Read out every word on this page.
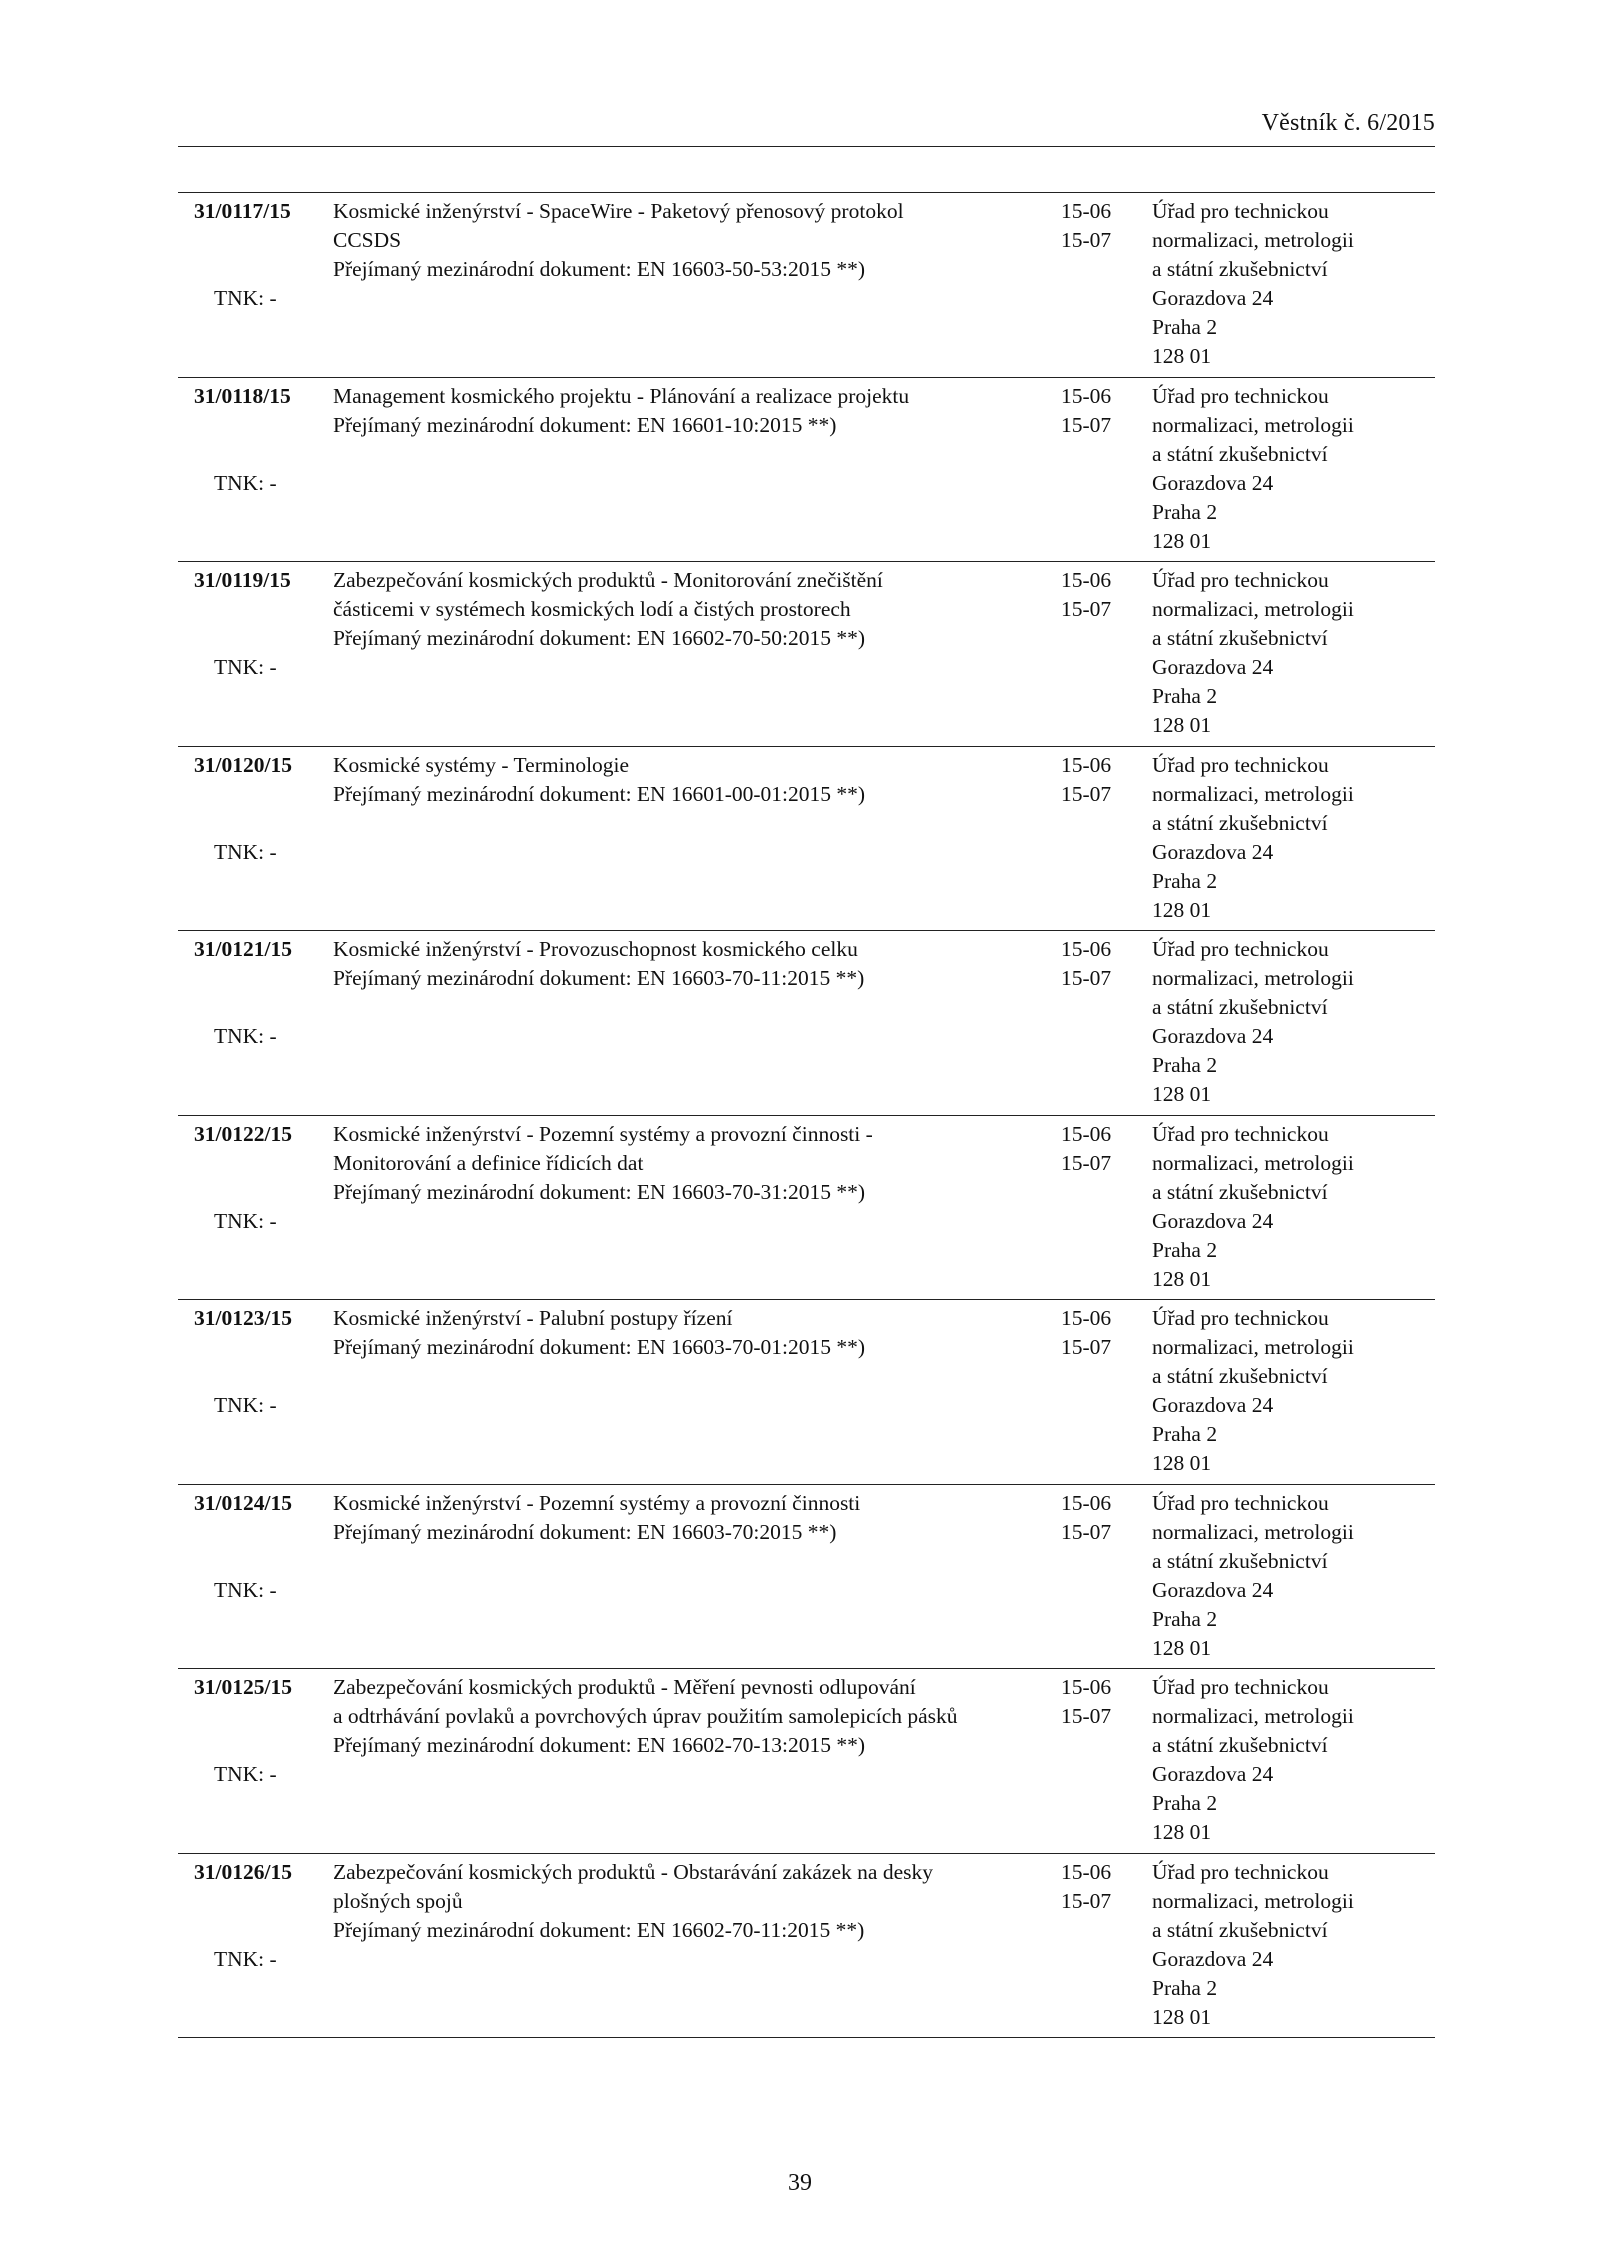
Věstník č. 6/2015
31/0117/15
TNK: -
Kosmické inženýrství - SpaceWire - Paketový přenosový protokol
CCSDS
Přejímaný mezinárodní dokument: EN 16603-50-53:2015 **)
15-06
15-07
Úřad pro technickou
normalizaci, metrologii
a státní zkušebnictví
Gorazdova 24
Praha 2
128 01
31/0118/15
TNK: -
Management kosmického projektu - Plánování a realizace projektu
Přejímaný mezinárodní dokument: EN 16601-10:2015 **)
15-06
15-07
Úřad pro technickou
normalizaci, metrologii
a státní zkušebnictví
Gorazdova 24
Praha 2
128 01
31/0119/15
TNK: -
Zabezpečování kosmických produktů - Monitorování znečištění
částicemi v systémech kosmických lodí a čistých prostorech
Přejímaný mezinárodní dokument: EN 16602-70-50:2015 **)
15-06
15-07
Úřad pro technickou
normalizaci, metrologii
a státní zkušebnictví
Gorazdova 24
Praha 2
128 01
31/0120/15
TNK: -
Kosmické systémy - Terminologie
Přejímaný mezinárodní dokument: EN 16601-00-01:2015 **)
15-06
15-07
Úřad pro technickou
normalizaci, metrologii
a státní zkušebnictví
Gorazdova 24
Praha 2
128 01
31/0121/15
TNK: -
Kosmické inženýrství - Provozuschopnost kosmického celku
Přejímaný mezinárodní dokument: EN 16603-70-11:2015 **)
15-06
15-07
Úřad pro technickou
normalizaci, metrologii
a státní zkušebnictví
Gorazdova 24
Praha 2
128 01
31/0122/15
TNK: -
Kosmické inženýrství - Pozemní systémy a provozní činnosti -
Monitorování a definice řídicích dat
Přejímaný mezinárodní dokument: EN 16603-70-31:2015 **)
15-06
15-07
Úřad pro technickou
normalizaci, metrologii
a státní zkušebnictví
Gorazdova 24
Praha 2
128 01
31/0123/15
TNK: -
Kosmické inženýrství - Palubní postupy řízení
Přejímaný mezinárodní dokument: EN 16603-70-01:2015 **)
15-06
15-07
Úřad pro technickou
normalizaci, metrologii
a státní zkušebnictví
Gorazdova 24
Praha 2
128 01
31/0124/15
TNK: -
Kosmické inženýrství - Pozemní systémy a provozní činnosti
Přejímaný mezinárodní dokument: EN 16603-70:2015 **)
15-06
15-07
Úřad pro technickou
normalizaci, metrologii
a státní zkušebnictví
Gorazdova 24
Praha 2
128 01
31/0125/15
TNK: -
Zabezpečování kosmických produktů - Měření pevnosti odlupování
a odtrhávání povlaků a povrchových úprav použitím samolepicích pásků
Přejímaný mezinárodní dokument: EN 16602-70-13:2015 **)
15-06
15-07
Úřad pro technickou
normalizaci, metrologii
a státní zkušebnictví
Gorazdova 24
Praha 2
128 01
31/0126/15
TNK: -
Zabezpečování kosmických produktů - Obstarávání zakázek na desky
plošných spojů
Přejímaný mezinárodní dokument: EN 16602-70-11:2015 **)
15-06
15-07
Úřad pro technickou
normalizaci, metrologii
a státní zkušebnictví
Gorazdova 24
Praha 2
128 01
39
